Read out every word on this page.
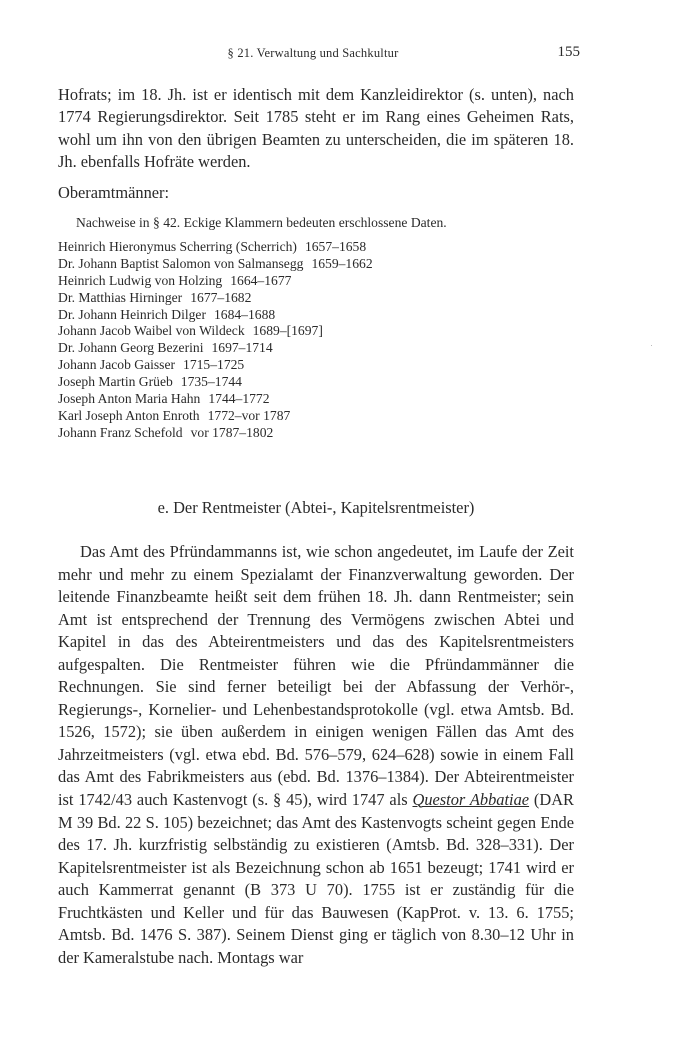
§ 21. Verwaltung und Sachkultur	155

Hofrats; im 18. Jh. ist er identisch mit dem Kanzleidirektor (s. unten), nach 1774 Regierungsdirektor. Seit 1785 steht er im Rang eines Geheimen Rats, wohl um ihn von den übrigen Beamten zu unterscheiden, die im späteren 18. Jh. ebenfalls Hofräte werden.

Oberamtmänner:
Nachweise in § 42. Eckige Klammern bedeuten erschlossene Daten.
Heinrich Hieronymus Scherring (Scherrich) 1657–1658
Dr. Johann Baptist Salomon von Salmansegg 1659–1662
Heinrich Ludwig von Holzing 1664–1677
Dr. Matthias Hirninger 1677–1682
Dr. Johann Heinrich Dilger 1684–1688
Johann Jacob Waibel von Wildeck 1689–[1697]
Dr. Johann Georg Bezerini 1697–1714
Johann Jacob Gaisser 1715–1725
Joseph Martin Grüeb 1735–1744
Joseph Anton Maria Hahn 1744–1772
Karl Joseph Anton Enroth 1772–vor 1787
Johann Franz Schefold vor 1787–1802
e. Der Rentmeister (Abtei-, Kapitelsrentmeister)

Das Amt des Pfründammanns ist, wie schon angedeutet, im Laufe der Zeit mehr und mehr zu einem Spezialamt der Finanzverwaltung geworden. Der leitende Finanzbeamte heißt seit dem frühen 18. Jh. dann Rentmeister; sein Amt ist entsprechend der Trennung des Vermögens zwischen Abtei und Kapitel in das des Abteirentmeisters und das des Kapitelsrentmeisters aufgespalten. Die Rentmeister führen wie die Pfründammänner die Rechnungen. Sie sind ferner beteiligt bei der Abfassung der Verhör-, Regierungs-, Kornelier- und Lehenbestandsprotokolle (vgl. etwa Amtsb. Bd. 1526, 1572); sie üben außerdem in einigen wenigen Fällen das Amt des Jahrzeitmeisters (vgl. etwa ebd. Bd. 576–579, 624–628) sowie in einem Fall das Amt des Fabrikmeisters aus (ebd. Bd. 1376–1384). Der Abteirentmeister ist 1742/43 auch Kastenvogt (s. § 45), wird 1747 als Questor Abbatiae (DAR M 39 Bd. 22 S. 105) bezeichnet; das Amt des Kastenvogts scheint gegen Ende des 17. Jh. kurzfristig selbständig zu existieren (Amtsb. Bd. 328–331). Der Kapitelsrentmeister ist als Bezeichnung schon ab 1651 bezeugt; 1741 wird er auch Kammerrat genannt (B 373 U 70). 1755 ist er zuständig für die Fruchtkästen und Keller und für das Bauwesen (KapProt. v. 13. 6. 1755; Amtsb. Bd. 1476 S. 387). Seinem Dienst ging er täglich von 8.30–12 Uhr in der Kameralstube nach. Montags war
